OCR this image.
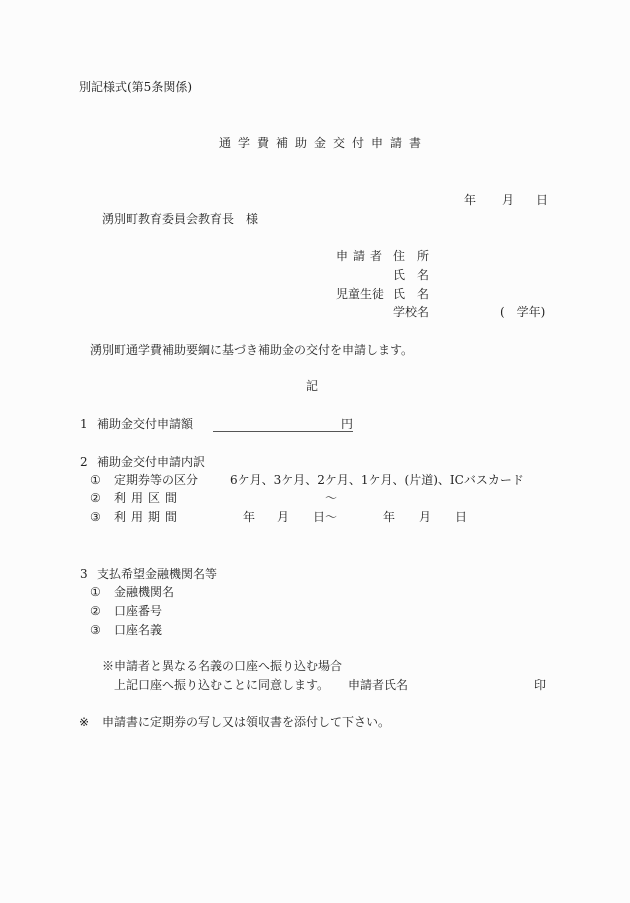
別記様式(第5条関係)
通学費補助金交付申請書
年 月 日
湧別町教育委員会教育長　様
申請者 住　所
氏　名
児童生徒 氏　名
学校名	(　学年)
湧別町通学費補助要綱に基づき補助金の交付を申請します。
記
1 補助金交付申請額	円
2 補助金交付申請内訳
① 定期券等の区分	6ケ月、3ケ月、2ケ月、1ケ月、(片道)、ICバスカード
② 利用区間	～
③ 利用期間	年 月 日～	年 月 日
3 支払希望金融機関名等
① 金融機関名
② 口座番号
③ 口座名義
※申請者と異なる名義の口座へ振り込む場合
上記口座へ振り込むことに同意します。 申請者氏名	印
※ 申請書に定期券の写し又は領収書を添付して下さい。
